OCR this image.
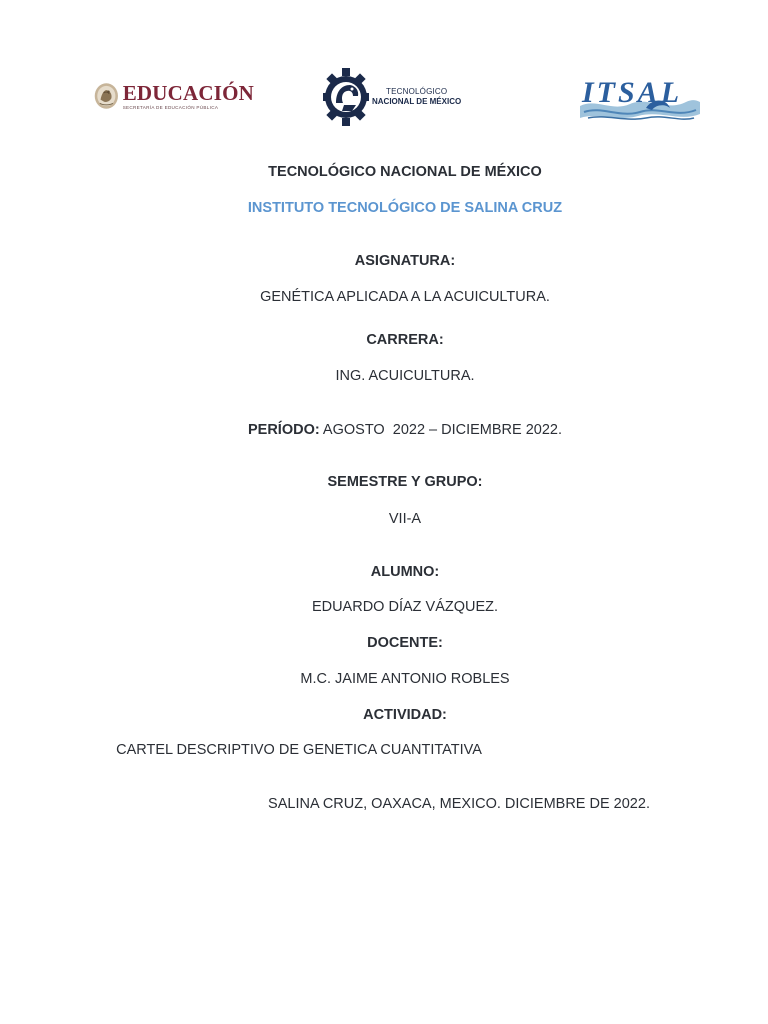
EDUCACIÓN
SECRETARÍA DE EDUCACIÓN PÚBLICA
TECNOLÓGICO
NACIONAL DE MÉXICO	ITSAL
TECNOLÓGICO NACIONAL DE MÉXICO
INSTITUTO TECNOLÓGICO DE SALINA CRUZ
ASIGNATURA:
GENÉTICA APLICADA A LA ACUICULTURA.
CARRERA:
ING. ACUICULTURA.
PERÍODO: AGOSTO  2022 – DICIEMBRE 2022.
SEMESTRE Y GRUPO:
VII-A
ALUMNO:
EDUARDO DÍAZ VÁZQUEZ.
DOCENTE:
M.C. JAIME ANTONIO ROBLES
ACTIVIDAD:
CARTEL DESCRIPTIVO DE GENETICA CUANTITATIVA
SALINA CRUZ, OAXACA, MEXICO. DICIEMBRE DE 2022.
